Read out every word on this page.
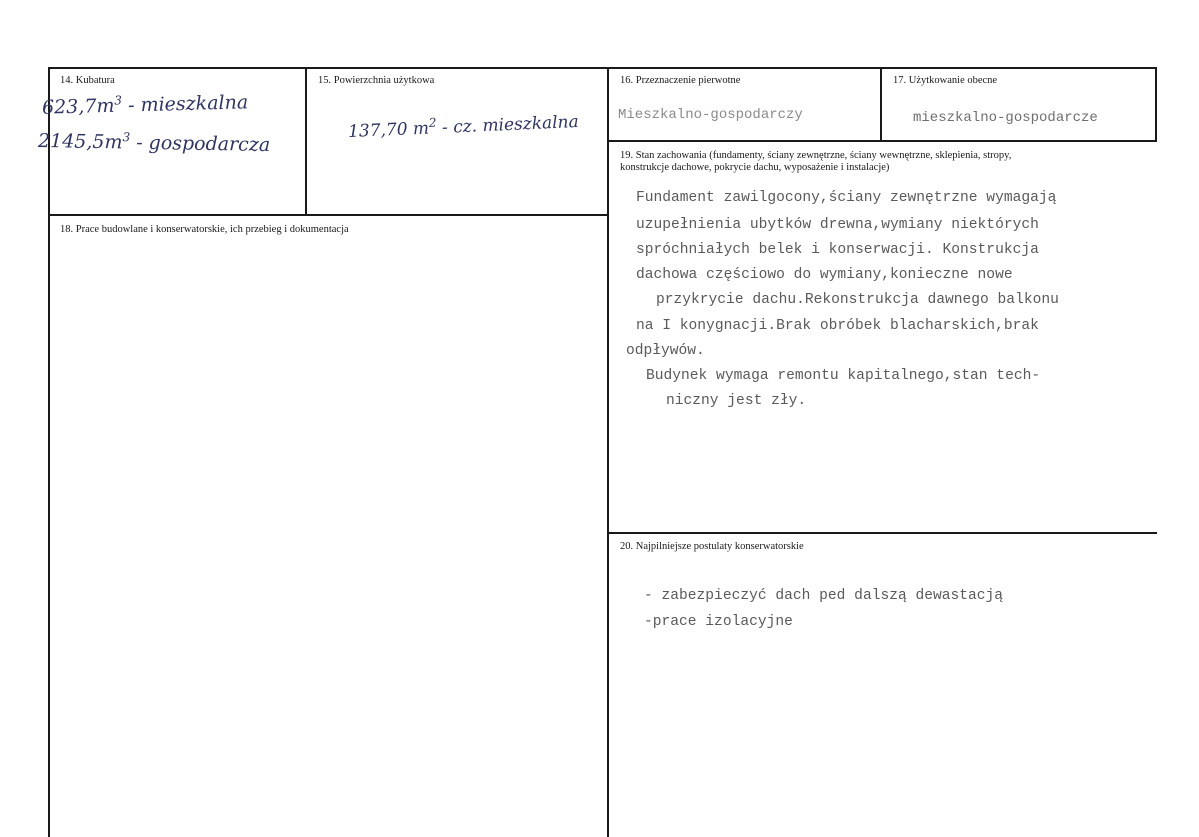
14. Kubatura
$623,7m^3$ - mieszkalna
$2145,5m^3$ - gospodarcza
15. Powierzchnia użytkowa
137,70 $m^2$ - cz. mieszkalna
16. Przeznaczenie pierwotne
Mieszkalno-gospodarczy
17. Użytkowanie obecne
mieszkalno-gospodarcze
18. Prace budowlane i konserwatorskie, ich przebieg i dokumentacja
19. Stan zachowania (fundamenty, ściany zewnętrzne, ściany wewnętrzne, sklepienia, stropy,
konstrukcje dachowe, pokrycie dachu, wyposażenie i instalacje)
Fundament zawilgocony,ściany zewnętrzne wymagają
uzupełnienia ubytków drewna,wymiany niektórych
spróchniałych belek i konserwacji. Konstrukcja
dachowa częściowo do wymiany,konieczne nowe
przykrycie dachu.Rekonstrukcja dawnego balkonu
na I konygnacji.Brak obróbek blacharskich,brak
odpływów.
Budynek wymaga remontu kapitalnego,stan tech-
niczny jest zły.
20. Najpilniejsze postulaty konserwatorskie
- zabezpieczyć dach ped dalszą dewastacją
-prace izolacyjne
